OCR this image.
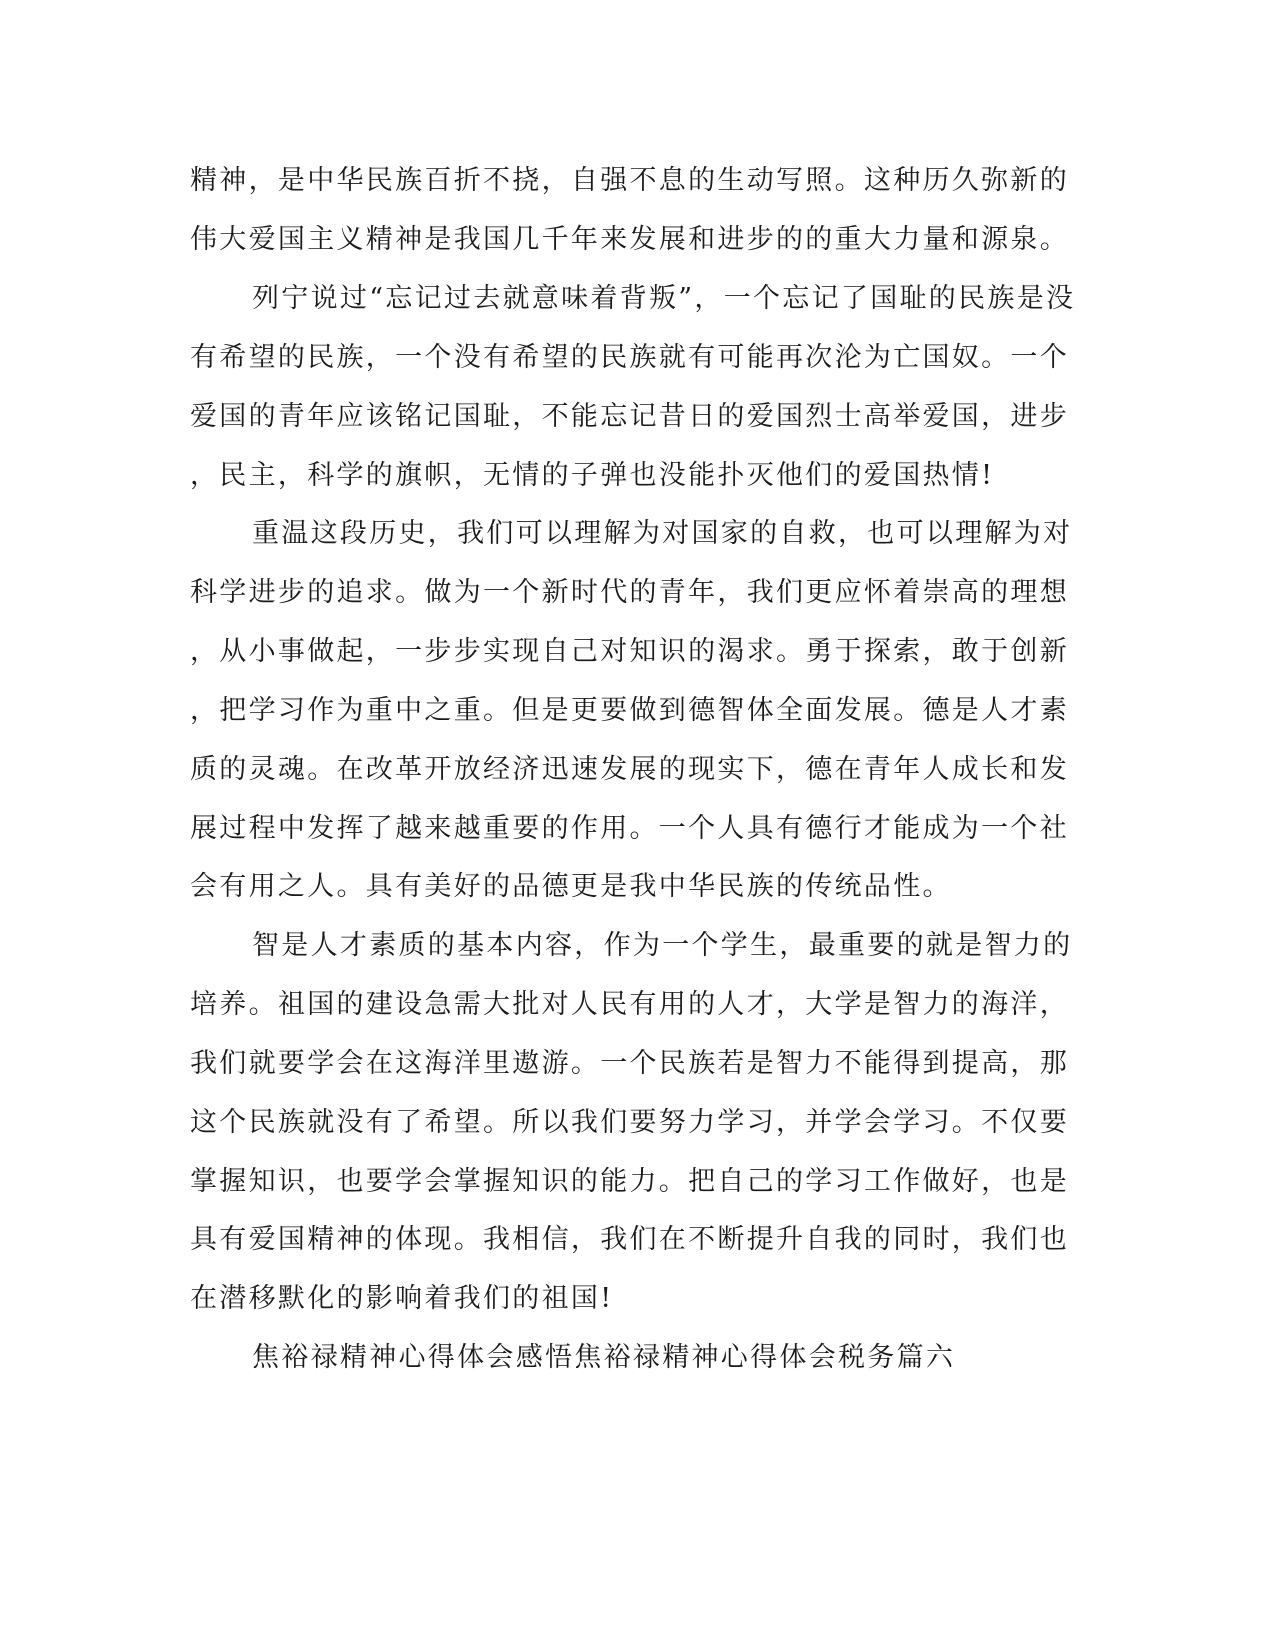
精神，是中华民族百折不挠，自强不息的生动写照。这种历久弥新的
伟大爱国主义精神是我国几千年来发展和进步的的重大力量和源泉。
列宁说过“忘记过去就意味着背叛”，一个忘记了国耻的民族是没
有希望的民族，一个没有希望的民族就有可能再次沦为亡国奴。一个
爱国的青年应该铭记国耻，不能忘记昔日的爱国烈士高举爱国，进步
，民主，科学的旗帜，无情的子弹也没能扑灭他们的爱国热情!
重温这段历史，我们可以理解为对国家的自救，也可以理解为对
科学进步的追求。做为一个新时代的青年，我们更应怀着崇高的理想
，从小事做起，一步步实现自己对知识的渴求。勇于探索，敢于创新
，把学习作为重中之重。但是更要做到德智体全面发展。德是人才素
质的灵魂。在改革开放经济迅速发展的现实下，德在青年人成长和发
展过程中发挥了越来越重要的作用。一个人具有德行才能成为一个社
会有用之人。具有美好的品德更是我中华民族的传统品性。
智是人才素质的基本内容，作为一个学生，最重要的就是智力的
培养。祖国的建设急需大批对人民有用的人才，大学是智力的海洋，
我们就要学会在这海洋里遨游。一个民族若是智力不能得到提高，那
这个民族就没有了希望。所以我们要努力学习，并学会学习。不仅要
掌握知识，也要学会掌握知识的能力。把自己的学习工作做好，也是
具有爱国精神的体现。我相信，我们在不断提升自我的同时，我们也
在潜移默化的影响着我们的祖国!
焦裕禄精神心得体会感悟焦裕禄精神心得体会税务篇六
